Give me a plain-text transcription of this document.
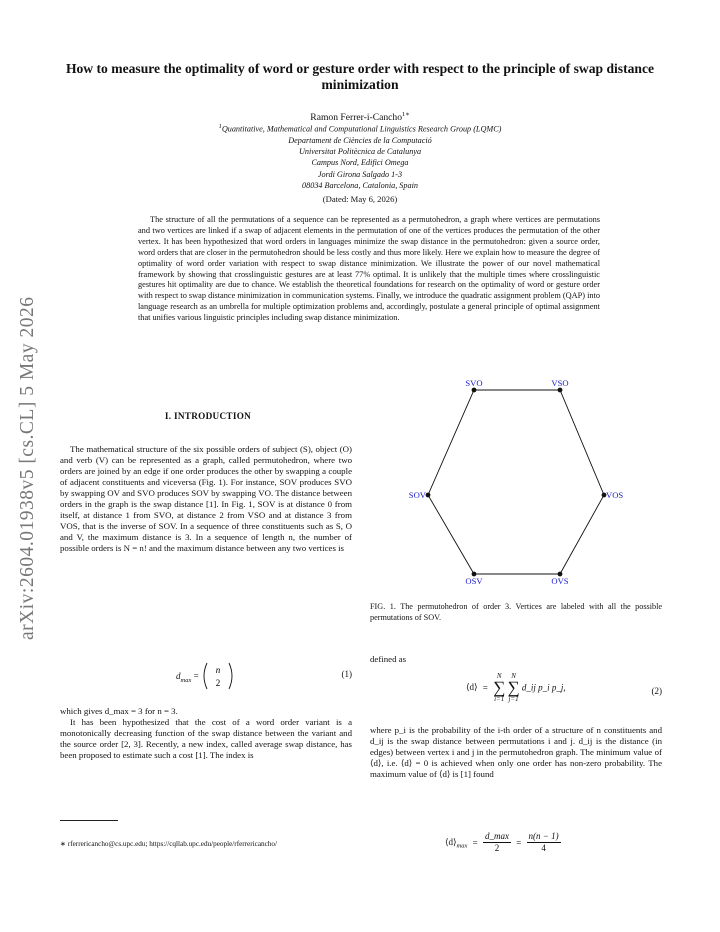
How to measure the optimality of word or gesture order with respect to the principle of swap distance minimization
Ramon Ferrer-i-Cancho$^{1∗}$
$^1$Quantitative, Mathematical and Computational Linguistics Research Group (LQMC)
Departament de Ciències de la Computació
Universitat Politècnica de Catalunya
Campus Nord, Edifici Omega
Jordi Girona Salgado 1-3
08034 Barcelona, Catalonia, Spain
(Dated: May 6, 2026)
The structure of all the permutations of a sequence can be represented as a permutohedron, a graph where vertices are permutations and two vertices are linked if a swap of adjacent elements in the permutation of one of the vertices produces the permutation of the other vertex. It has been hypothesized that word orders in languages minimize the swap distance in the permutohedron: given a source order, word orders that are closer in the permutohedron should be less costly and thus more likely. Here we explain how to measure the degree of optimality of word order variation with respect to swap distance minimization. We illustrate the power of our novel mathematical framework by showing that crosslinguistic gestures are at least 77% optimal. It is unlikely that the multiple times where crosslinguistic gestures hit optimality are due to chance. We establish the theoretical foundations for research on the optimality of word or gesture order with respect to swap distance minimization in communication systems. Finally, we introduce the quadratic assignment problem (QAP) into language research as an umbrella for multiple optimization problems and, accordingly, postulate a general principle of optimal assignment that unifies various linguistic principles including swap distance minimization.
arXiv:2604.01938v5 [cs.CL] 5 May 2026	I. INTRODUCTION

The mathematical structure of the six possible orders of subject (S), object (O) and verb (V) can be represented as a graph, called permutohedron, where two orders are joined by an edge if one order produces the other by swapping a couple of adjacent constituents and viceversa (Fig. 1). For instance, SOV produces SVO by swapping OV and SVO produces SOV by swapping VO. The distance between orders in the graph is the swap distance [1]. In Fig. 1, SOV is at distance 0 from itself, at distance 1 from SVO, at distance 2 from VSO and at distance 3 from VOS, that is the inverse of SOV. In a sequence of three constituents such as S, O and V, the maximum distance is 3. In a sequence of length n, the number of possible orders is N = n! and the maximum distance between any two vertices is

$d_{max}$ =
n
2
(1)

which gives d_max = 3 for n = 3.

It has been hypothesized that the cost of a word order variant is a monotonically decreasing function of the swap distance between the variant and the source order [2, 3]. Recently, a new index, called average swap distance, has been proposed to estimate such a cost [1]. The index is

∗ rferrericancho@cs.upc.edu; https://cqllab.upc.edu/people/rferrericancho/
SVO	VSO
VOS
OVS
OSV
SOV
FIG. 1. The permutohedron of order 3. Vertices are labeled with all the possible permutations of SOV.
defined as
⟨d⟩ = N
∑
i=1 N
∑
j=1 d_ij p_i p_j,	(2)

where p_i is the probability of the i-th order of a structure of n constituents and d_ij is the swap distance between permutations i and j. d_ij is the distance (in edges) between vertex i and j in the permutohedron graph. The minimum value of ⟨d⟩, i.e. ⟨d⟩ = 0 is achieved when only one order has non-zero probability. The maximum value of ⟨d⟩ is [1] found

$⟨d⟩_{max} = \frac{d\_\max}{2} = \frac{n(n - 1)}{4}$
